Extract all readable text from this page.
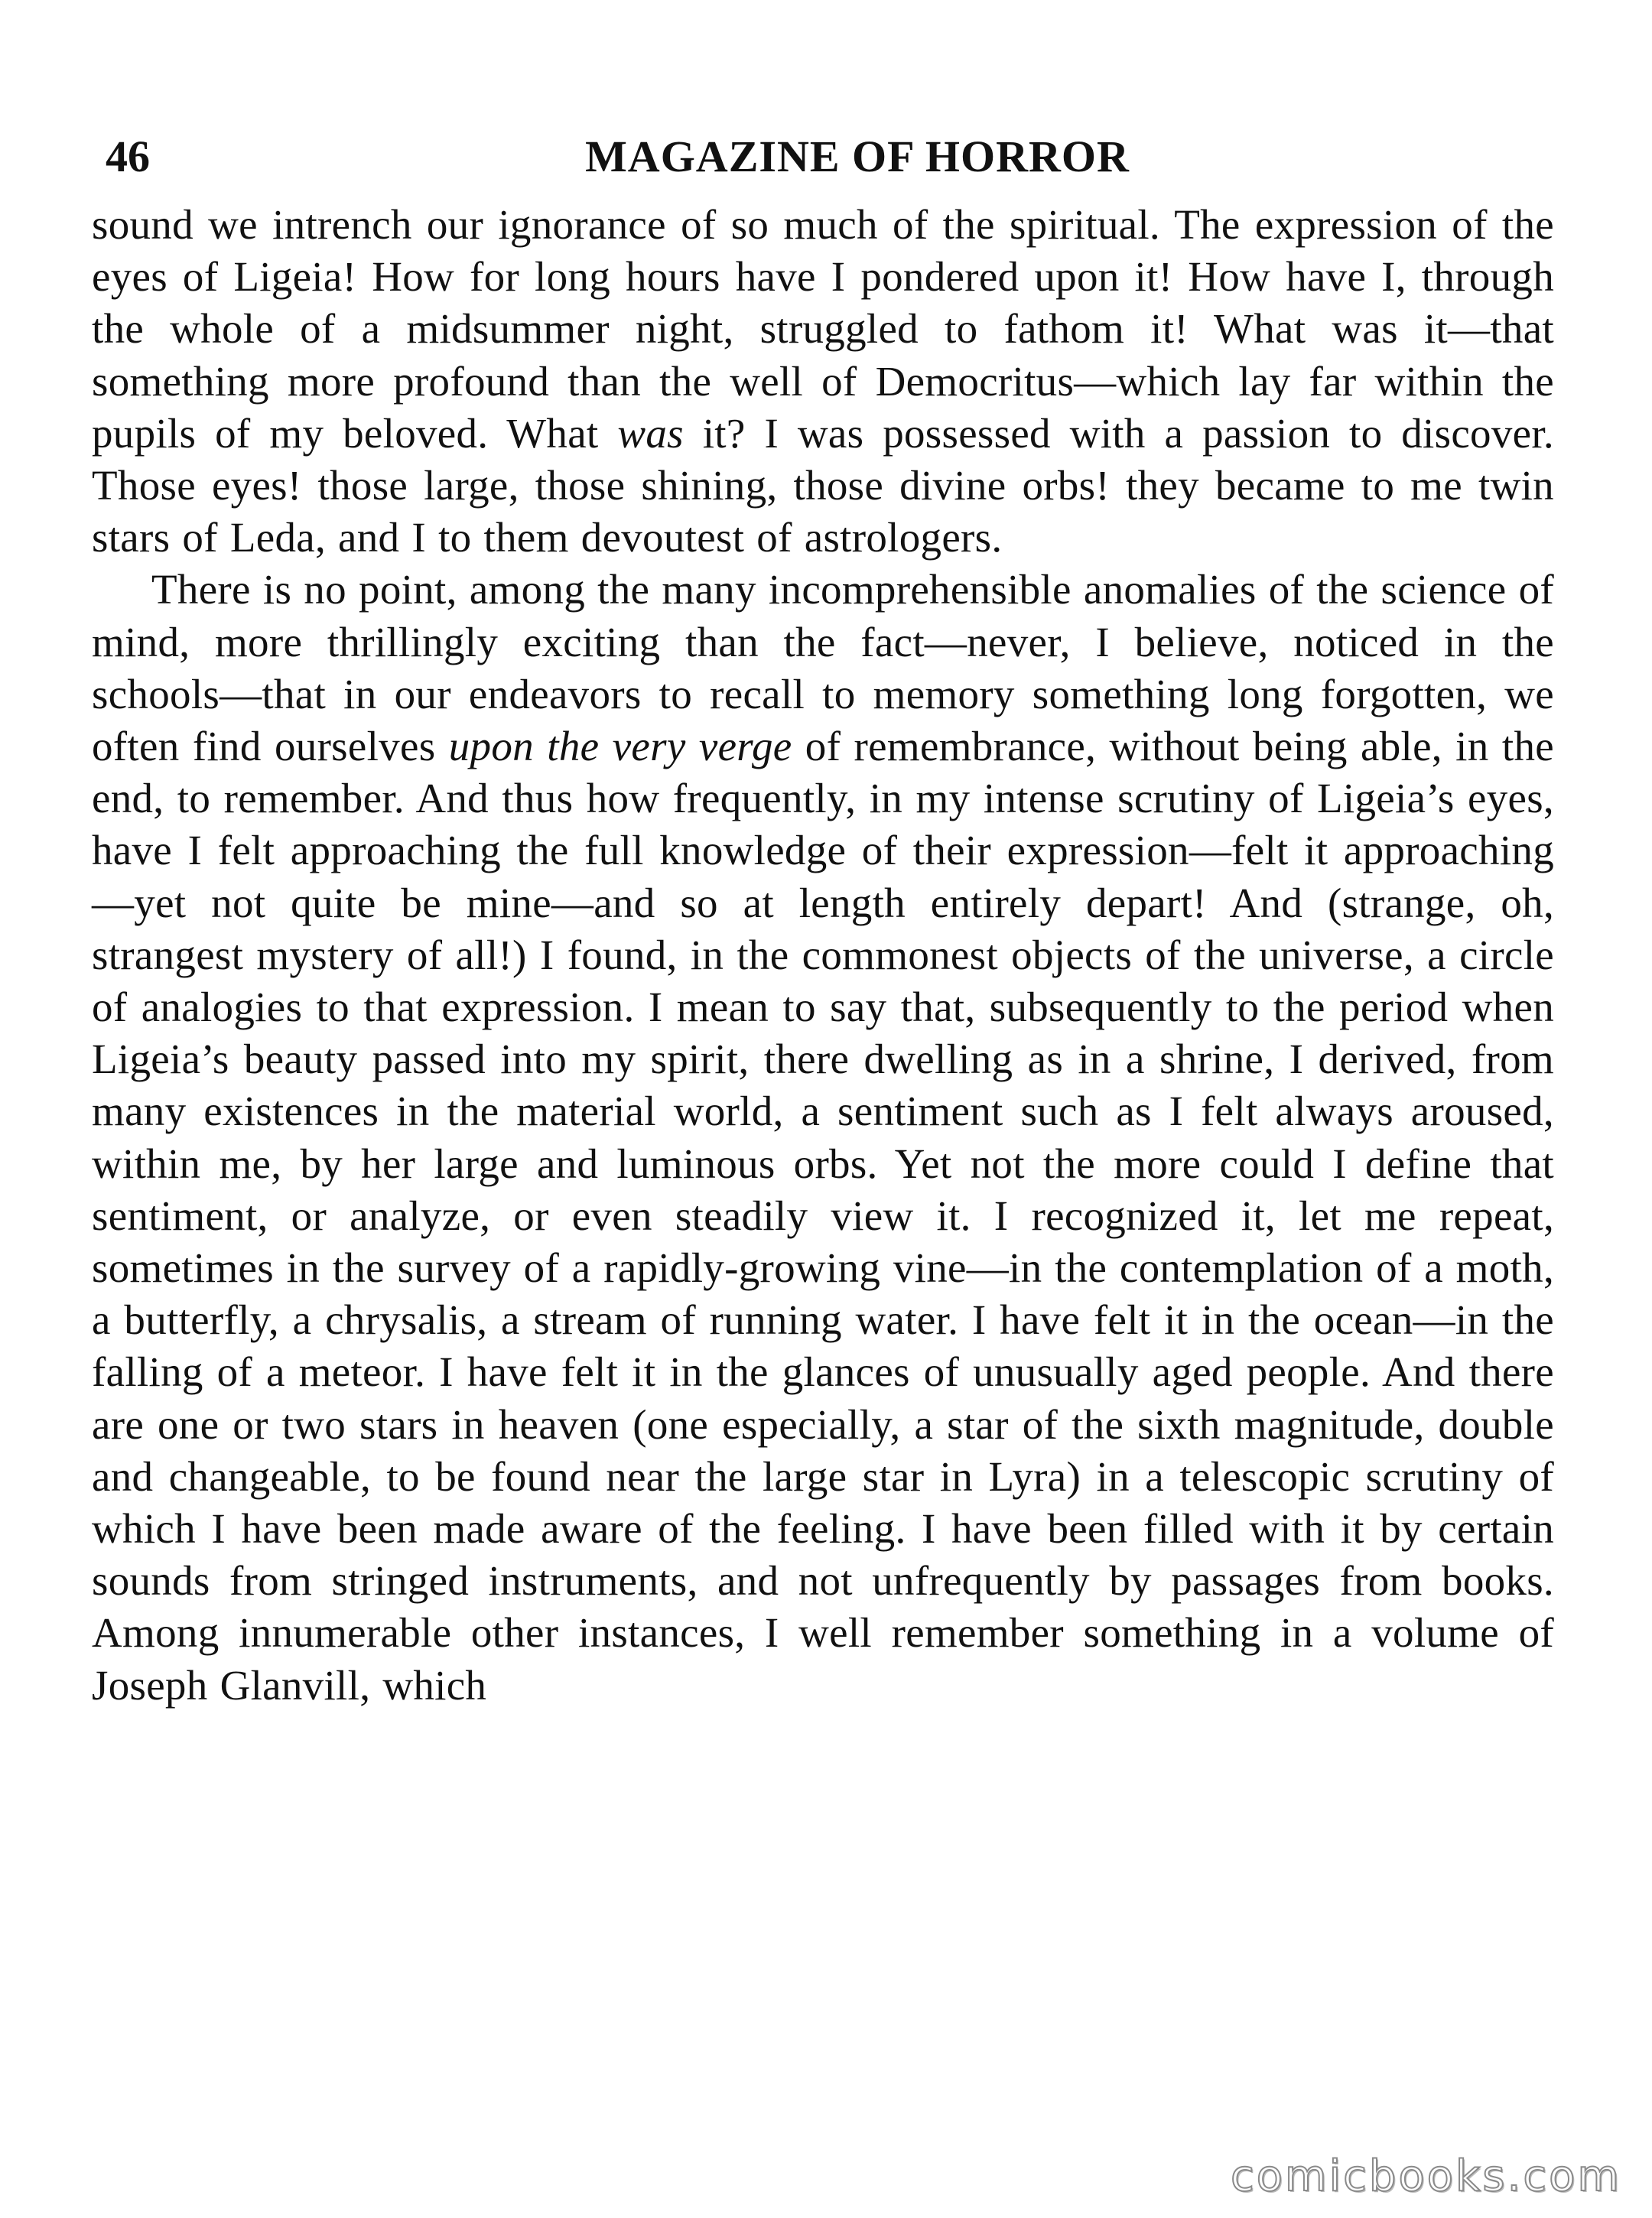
46	MAGAZINE OF HORROR

sound we intrench our ignorance of so much of the spiritual. The expression of the eyes of Ligeia! How for long hours have I pondered upon it! How have I, through the whole of a midsummer night, struggled to fathom it! What was it—that something more profound than the well of Democritus—which lay far within the pupils of my beloved. What was it? I was possessed with a passion to discover. Those eyes! those large, those shining, those divine orbs! they became to me twin stars of Leda, and I to them devoutest of astrologers.

There is no point, among the many incomprehensible anomalies of the science of mind, more thrillingly exciting than the fact—never, I believe, noticed in the schools—that in our endeavors to recall to memory something long forgotten, we often find ourselves upon the very verge of remembrance, without being able, in the end, to remember. And thus how frequently, in my intense scrutiny of Ligeia’s eyes, have I felt approaching the full knowledge of their expression—felt it approaching—yet not quite be mine—and so at length entirely depart! And (strange, oh, strangest mystery of all!) I found, in the commonest objects of the universe, a circle of analogies to that expression. I mean to say that, subsequently to the period when Ligeia’s beauty passed into my spirit, there dwelling as in a shrine, I derived, from many existences in the material world, a sentiment such as I felt always aroused, within me, by her large and luminous orbs. Yet not the more could I define that sentiment, or analyze, or even steadily view it. I recognized it, let me repeat, sometimes in the survey of a rapidly-growing vine—in the contemplation of a moth, a butterfly, a chrysalis, a stream of running water. I have felt it in the ocean—in the falling of a meteor. I have felt it in the glances of unusually aged people. And there are one or two stars in heaven (one especially, a star of the sixth magnitude, double and changeable, to be found near the large star in Lyra) in a telescopic scrutiny of which I have been made aware of the feeling. I have been filled with it by certain sounds from stringed instruments, and not unfrequently by passages from books. Among innumerable other instances, I well remember something in a volume of Joseph Glanvill, which

comicbooks.com
